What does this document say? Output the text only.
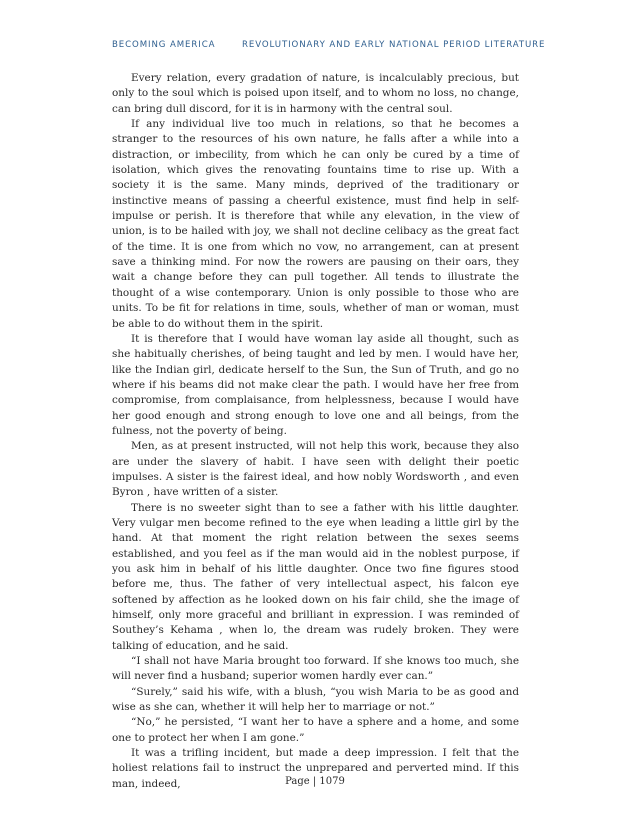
BECOMING AMERICA	REVOLUTIONARY AND EARLY NATIONAL PERIOD LITERATURE

Every relation, every gradation of nature, is incalculably precious, but only to the soul which is poised upon itself, and to whom no loss, no change, can bring dull discord, for it is in harmony with the central soul.

If any individual live too much in relations, so that he becomes a stranger to the resources of his own nature, he falls after a while into a distraction, or imbecility, from which he can only be cured by a time of isolation, which gives the renovating fountains time to rise up. With a society it is the same. Many minds, deprived of the traditionary or instinctive means of passing a cheerful existence, must find help in self-impulse or perish. It is therefore that while any elevation, in the view of union, is to be hailed with joy, we shall not decline celibacy as the great fact of the time. It is one from which no vow, no arrangement, can at present save a thinking mind. For now the rowers are pausing on their oars, they wait a change before they can pull together. All tends to illustrate the thought of a wise contemporary. Union is only possible to those who are units. To be fit for relations in time, souls, whether of man or woman, must be able to do without them in the spirit.

It is therefore that I would have woman lay aside all thought, such as she habitually cherishes, of being taught and led by men. I would have her, like the Indian girl, dedicate herself to the Sun, the Sun of Truth, and go no where if his beams did not make clear the path. I would have her free from compromise, from complaisance, from helplessness, because I would have her good enough and strong enough to love one and all beings, from the fulness, not the poverty of being.

Men, as at present instructed, will not help this work, because they also are under the slavery of habit. I have seen with delight their poetic impulses. A sister is the fairest ideal, and how nobly Wordsworth , and even Byron , have written of a sister.

There is no sweeter sight than to see a father with his little daughter. Very vulgar men become refined to the eye when leading a little girl by the hand. At that moment the right relation between the sexes seems established, and you feel as if the man would aid in the noblest purpose, if you ask him in behalf of his little daughter. Once two fine figures stood before me, thus. The father of very intellectual aspect, his falcon eye softened by affection as he looked down on his fair child, she the image of himself, only more graceful and brilliant in expression. I was reminded of Southey’s Kehama , when lo, the dream was rudely broken. They were talking of education, and he said.

“I shall not have Maria brought too forward. If she knows too much, she will never find a husband; superior women hardly ever can.”

“Surely,” said his wife, with a blush, “you wish Maria to be as good and wise as she can, whether it will help her to marriage or not.”

“No,” he persisted, “I want her to have a sphere and a home, and some one to protect her when I am gone.”

It was a trifling incident, but made a deep impression. I felt that the holiest relations fail to instruct the unprepared and perverted mind. If this man, indeed,	Page | 1079
